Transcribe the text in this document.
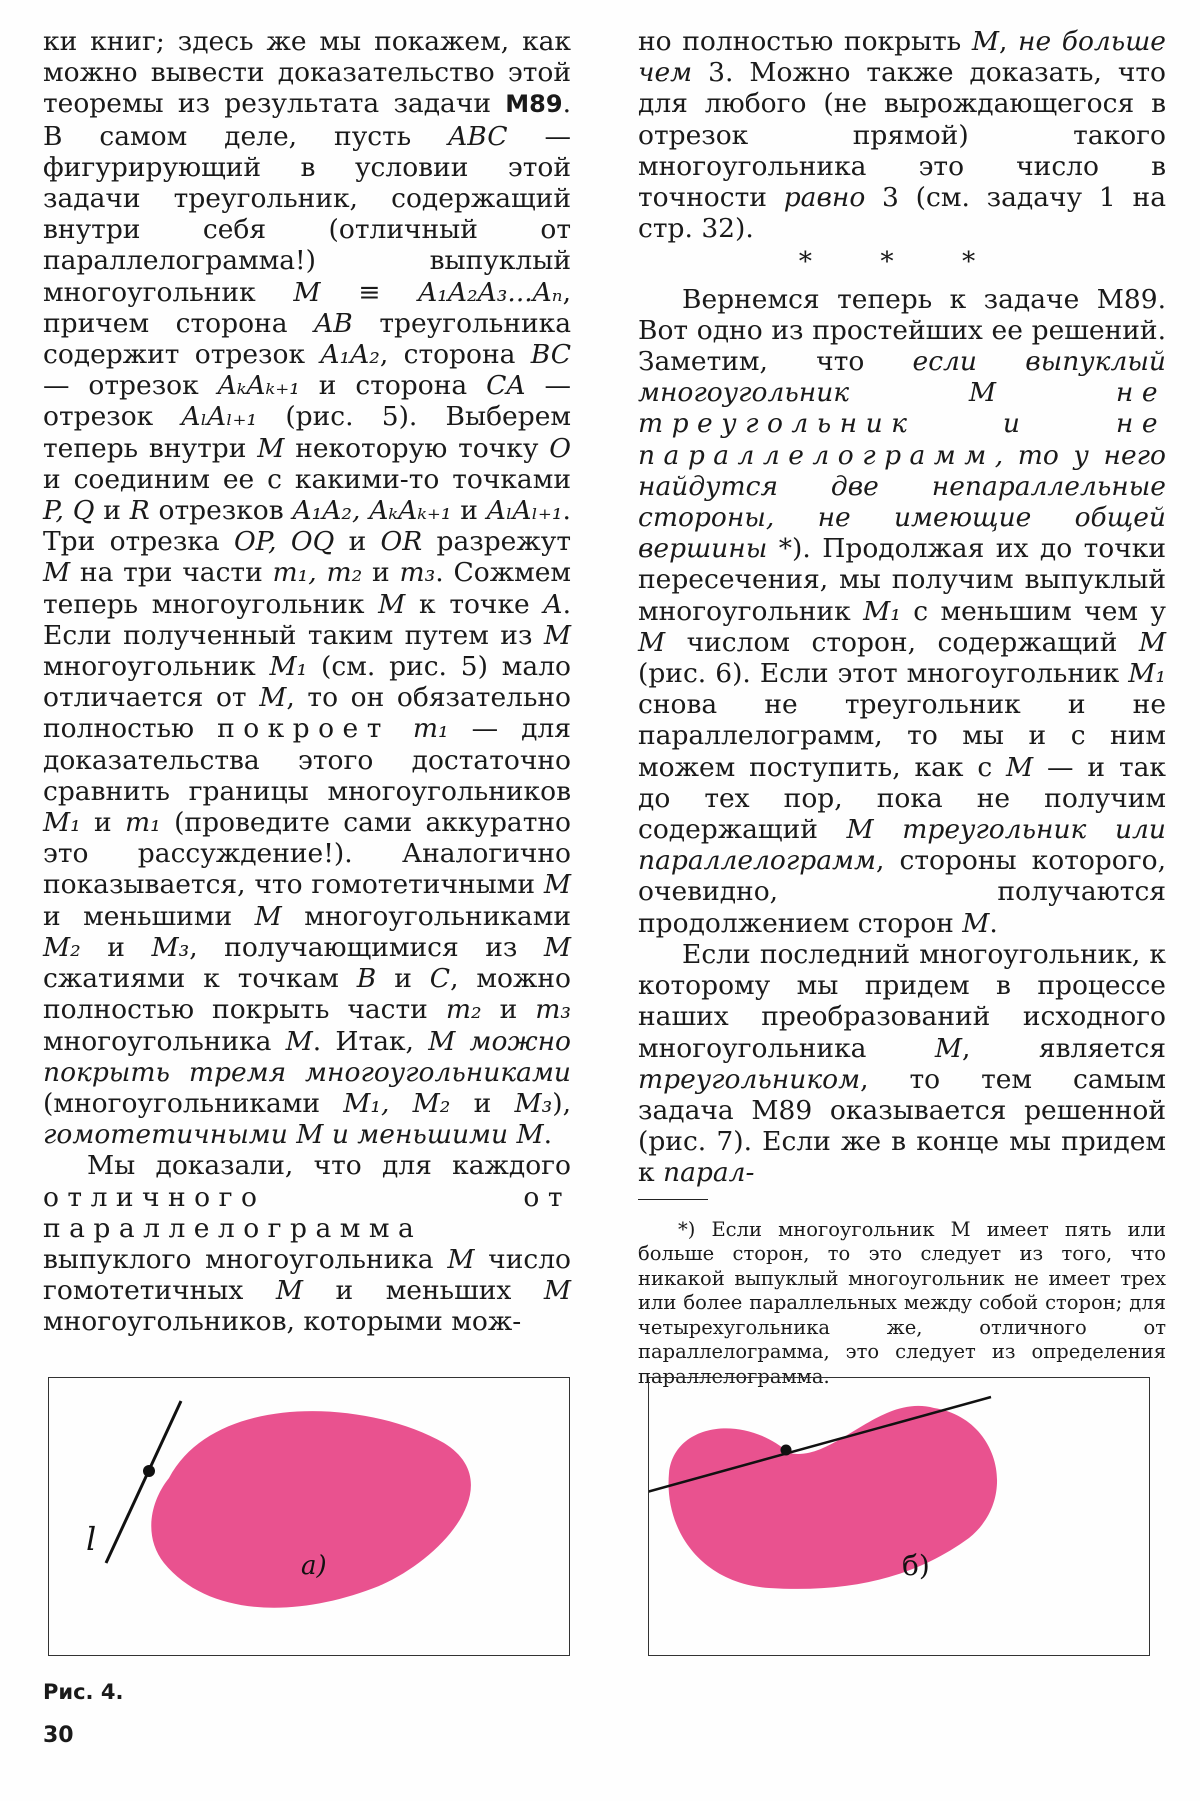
ки книг; здесь же мы покажем, как можно вывести доказательство этой теоремы из результата задачи М89. В самом деле, пусть ABC — фигурирующий в условии этой задачи треугольник, содержащий внутри себя (отличный от параллелограмма!) выпуклый многоугольник M ≡ A₁A₂A₃...Aₙ, причем сторона AB треугольника содержит отрезок A₁A₂, сторона BC — отрезок AₖAₖ₊₁ и сторона CA — отрезок AₗAₗ₊₁ (рис. 5). Выберем теперь внутри M некоторую точку O и соединим ее с какими-то точками P, Q и R отрезков A₁A₂, AₖAₖ₊₁ и AₗAₗ₊₁. Три отрезка OP, OQ и OR разрежут M на три части m₁, m₂ и m₃. Сожмем теперь многоугольник M к точке A. Если полученный таким путем из M многоугольник M₁ (см. рис. 5) мало отличается от M, то он обязательно полностью покроет m₁ — для доказательства этого достаточно сравнить границы многоугольников M₁ и m₁ (проведите сами аккуратно это рассуждение!). Аналогично показывается, что гомотетичными M и меньшими M многоугольниками M₂ и M₃, получающимися из M сжатиями к точкам B и C, можно полностью покрыть части m₂ и m₃ многоугольника M. Итак, M можно покрыть тремя многоугольниками (многоугольниками M₁, M₂ и M₃), гомотетичными M и меньшими M.

Мы доказали, что для каждого отличного от параллелограмма выпуклого многоугольника M число гомотетичных M и меньших M многоугольников, которыми мож-

но полностью покрыть M, не больше чем 3. Можно также доказать, что для любого (не вырождающегося в отрезок прямой) такого многоугольника это число в точности равно 3 (см. задачу 1 на стр. 32).

* * *

Вернемся теперь к задаче М89. Вот одно из простейших ее решений. Заметим, что если выпуклый многоугольник M не треугольник и не параллелограмм, то у него найдутся две непараллельные стороны, не имеющие общей вершины *). Продолжая их до точки пересечения, мы получим выпуклый многоугольник M₁ с меньшим чем у M числом сторон, содержащий M (рис. 6). Если этот многоугольник M₁ снова не треугольник и не параллелограмм, то мы и с ним можем поступить, как с M — и так до тех пор, пока не получим содержащий M треугольник или параллелограмм, стороны которого, очевидно, получаются продолжением сторон M.

Если последний многоугольник, к которому мы придем в процессе наших преобразований исходного многоугольника M, является треугольником, то тем самым задача М89 оказывается решенной (рис. 7). Если же в конце мы придем к парал-

*) Если многоугольник M имеет пять или больше сторон, то это следует из того, что никакой выпуклый многоугольник не имеет трех или более параллельных между собой сторон; для четырехугольника же, отличного от параллелограмма, это следует из определения параллелограмма.

l
a)	б)
Рис. 4.
30
